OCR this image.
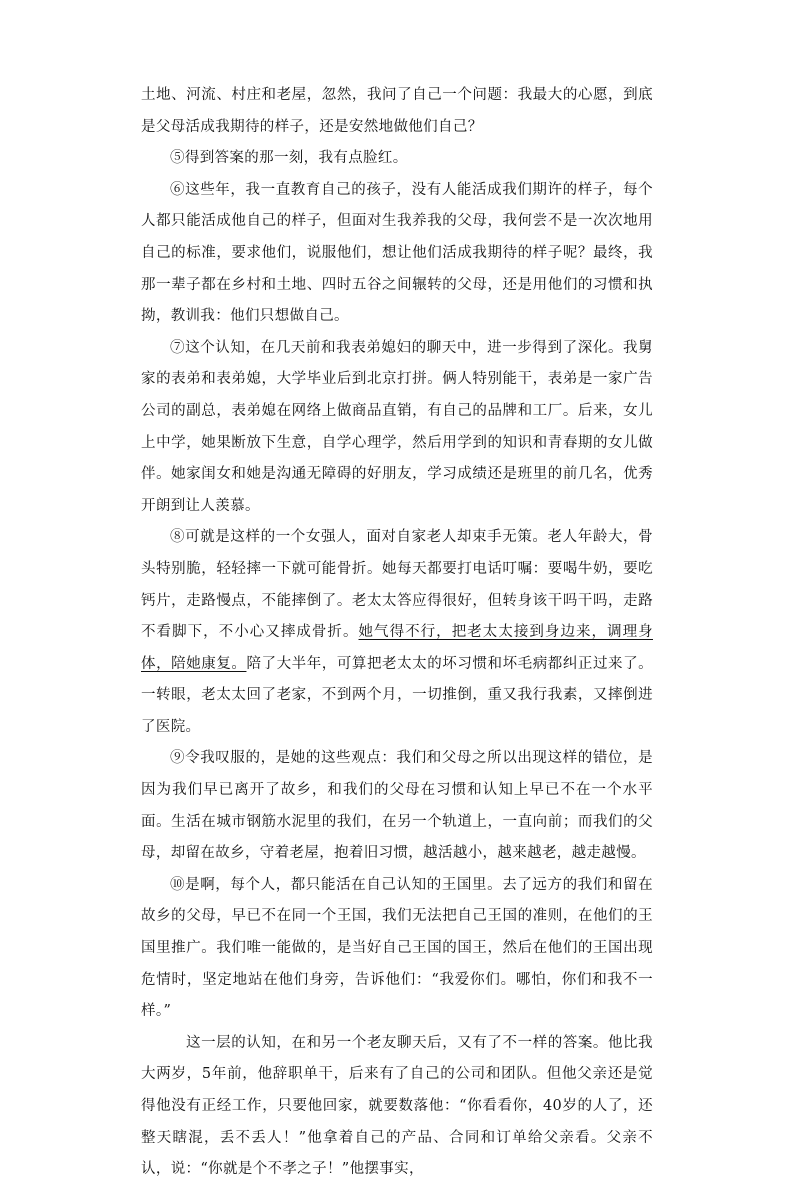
土地、河流、村庄和老屋，忽然，我问了自己一个问题：我最大的心愿，到底是父母活成我期待的样子，还是安然地做他们自己？

⑤得到答案的那一刻，我有点脸红。

⑥这些年，我一直教育自己的孩子，没有人能活成我们期许的样子，每个人都只能活成他自己的样子，但面对生我养我的父母，我何尝不是一次次地用自己的标准，要求他们，说服他们，想让他们活成我期待的样子呢？最终，我那一辈子都在乡村和土地、四时五谷之间辗转的父母，还是用他们的习惯和执拗，教训我：他们只想做自己。

⑦这个认知，在几天前和我表弟媳妇的聊天中，进一步得到了深化。我舅家的表弟和表弟媳，大学毕业后到北京打拼。俩人特别能干，表弟是一家广告公司的副总，表弟媳在网络上做商品直销，有自己的品牌和工厂。后来，女儿上中学，她果断放下生意，自学心理学，然后用学到的知识和青春期的女儿做伴。她家闺女和她是沟通无障碍的好朋友，学习成绩还是班里的前几名，优秀开朗到让人羡慕。

⑧可就是这样的一个女强人，面对自家老人却束手无策。老人年龄大，骨头特别脆，轻轻摔一下就可能骨折。她每天都要打电话叮嘱：要喝牛奶，要吃钙片，走路慢点，不能摔倒了。老太太答应得很好，但转身该干吗干吗，走路不看脚下，不小心又摔成骨折。她气得不行，把老太太接到身边来，调理身体，陪她康复。陪了大半年，可算把老太太的坏习惯和坏毛病都纠正过来了。一转眼，老太太回了老家，不到两个月，一切推倒，重又我行我素，又摔倒进了医院。

⑨令我叹服的，是她的这些观点：我们和父母之所以出现这样的错位，是因为我们早已离开了故乡，和我们的父母在习惯和认知上早已不在一个水平面。生活在城市钢筋水泥里的我们，在另一个轨道上，一直向前；而我们的父母，却留在故乡，守着老屋，抱着旧习惯，越活越小，越来越老，越走越慢。

⑩是啊，每个人，都只能活在自己认知的王国里。去了远方的我们和留在故乡的父母，早已不在同一个王国，我们无法把自己王国的准则，在他们的王国里推广。我们唯一能做的，是当好自己王国的国王，然后在他们的王国出现危情时，坚定地站在他们身旁，告诉他们：“我爱你们。哪怕，你们和我不一样。”

这一层的认知，在和另一个老友聊天后，又有了不一样的答案。他比我大两岁，5年前，他辞职单干，后来有了自己的公司和团队。但他父亲还是觉得他没有正经工作，只要他回家，就要数落他：“你看看你，40岁的人了，还整天瞎混，丢不丢人！”他拿着自己的产品、合同和订单给父亲看。父亲不认，说：“你就是个不孝之子！”他摆事实，
